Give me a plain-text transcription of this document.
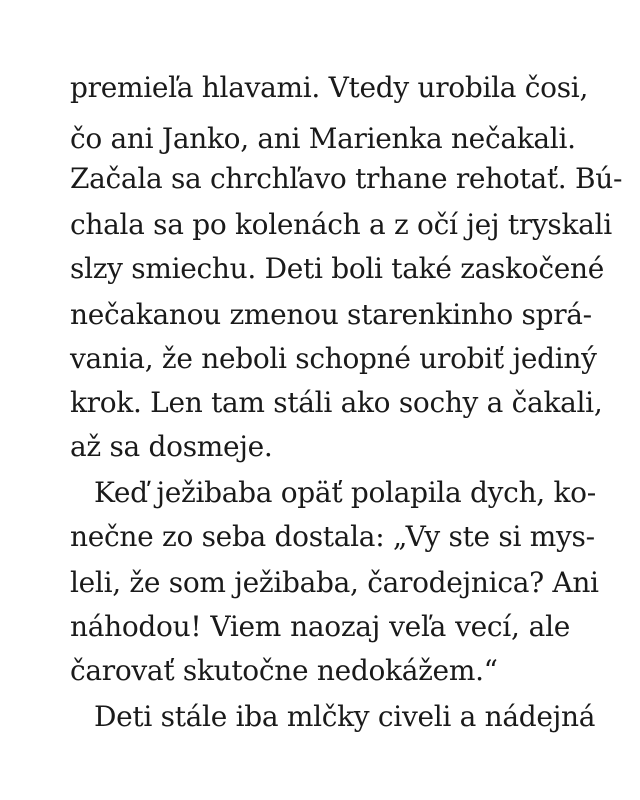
premieľa hlavami. Vtedy urobila čosi,
čo ani Janko, ani Marienka nečakali.
Začala sa chrchľavo trhane rehotať. Bú-
chala sa po kolenách a z očí jej tryskali
slzy smiechu. Deti boli také zaskočené
nečakanou zmenou starenkinho sprá-
vania, že neboli schopné urobiť jediný
krok. Len tam stáli ako sochy a čakali,
až sa dosmeje.
Keď ježibaba opäť polapila dych, ko-
nečne zo seba dostala: „Vy ste si mys-
leli, že som ježibaba, čarodejnica? Ani
náhodou! Viem naozaj veľa vecí, ale
čarovať skutočne nedokážem.“
Deti stále iba mlčky civeli a nádejná
